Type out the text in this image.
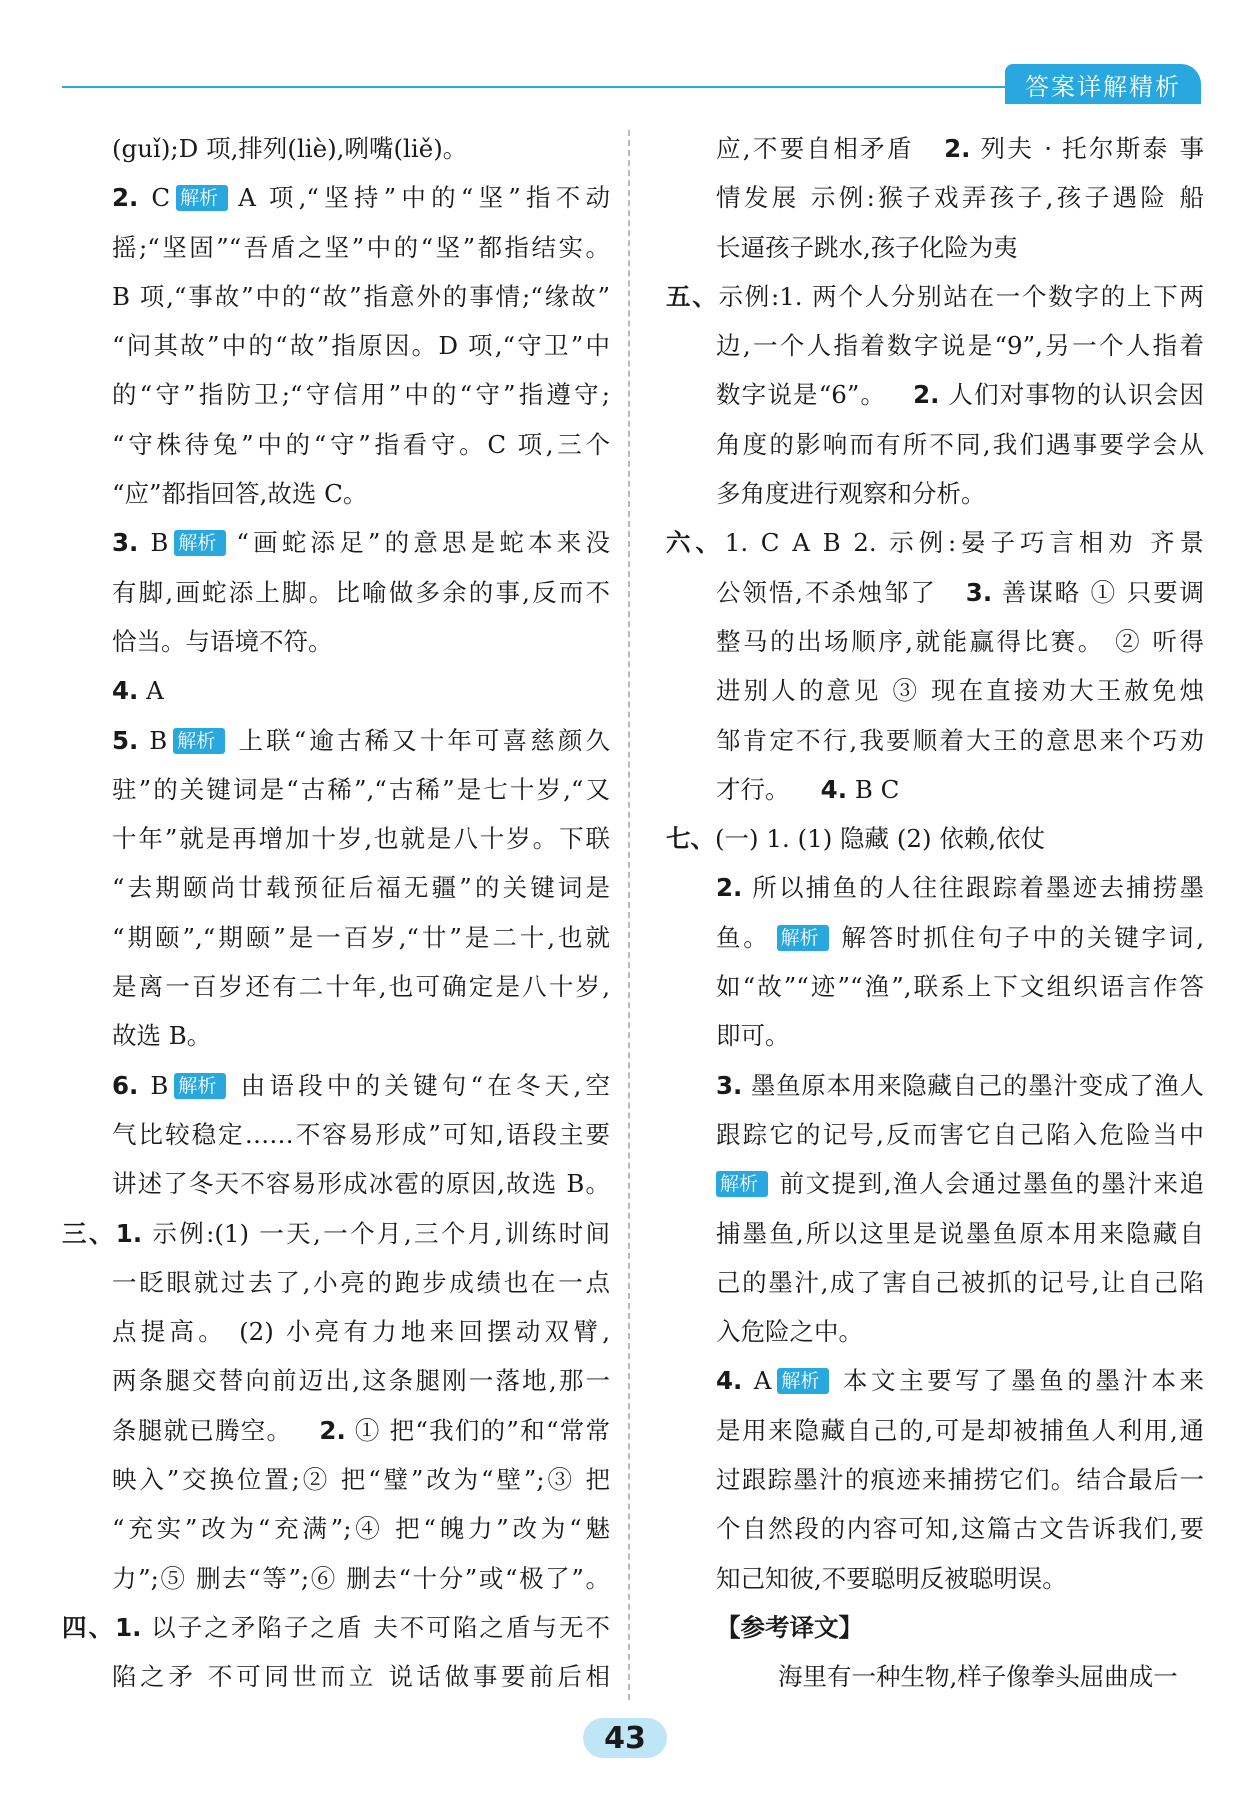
答案详解精析
(guǐ);D 项,排列(liè),咧嘴(liě)。
2. C 解析 · A 项,“坚持”中的“坚”指不动
摇;“坚固”“吾盾之坚”中的“坚”都指结实。
B 项,“事故”中的“故”指意外的事情;“缘故”
“问其故”中的“故”指原因。D 项,“守卫”中
的“守”指防卫;“守信用”中的“守”指遵守;
“守株待兔”中的“守”指看守。C 项,三个
“应”都指回答,故选 C。
3. B 解析 · “画蛇添足”的意思是蛇本来没
有脚,画蛇添上脚。比喻做多余的事,反而不
恰当。与语境不符。
4. A
5. B 解析 · 上联“逾古稀又十年可喜慈颜久
驻”的关键词是“古稀”,“古稀”是七十岁,“又
十年”就是再增加十岁,也就是八十岁。下联
“去期颐尚廿载预征后福无疆”的关键词是
“期颐”,“期颐”是一百岁,“廿”是二十,也就
是离一百岁还有二十年,也可确定是八十岁,
故选 B。
6. B 解析 · 由语段中的关键句“在冬天,空
气比较稳定……不容易形成”可知,语段主要
讲述了冬天不容易形成冰雹的原因,故选 B。
三、1. 示例:(1) 一天,一个月,三个月,训练时间
一眨眼就过去了,小亮的跑步成绩也在一点
点提高。 (2) 小亮有力地来回摆动双臂,
两条腿交替向前迈出,这条腿刚一落地,那一
条腿就已腾空。 2. ① 把“我们的”和“常常
映入”交换位置;② 把“璧”改为“壁”;③ 把
“充实”改为“充满”;④ 把“魄力”改为“魅
力”;⑤ 删去“等”;⑥ 删去“十分”或“极了”。
四、1. 以子之矛陷子之盾 夫不可陷之盾与无不
陷之矛 不可同世而立 说话做事要前后相
应,不要自相矛盾 2. 列夫 · 托尔斯泰 事
情发展 示例:猴子戏弄孩子,孩子遇险 船
长逼孩子跳水,孩子化险为夷
五、示例:1. 两个人分别站在一个数字的上下两
边,一个人指着数字说是“9”,另一个人指着
数字说是“6”。 2. 人们对事物的认识会因
角度的影响而有所不同,我们遇事要学会从
多角度进行观察和分析。
六、1. C A B 2. 示例:晏子巧言相劝 齐景
公领悟,不杀烛邹了 3. 善谋略 ① 只要调
整马的出场顺序,就能赢得比赛。 ② 听得
进别人的意见 ③ 现在直接劝大王赦免烛
邹肯定不行,我要顺着大王的意思来个巧劝
才行。 4. B C
七、(一) 1. (1) 隐藏 (2) 依赖,依仗
2. 所以捕鱼的人往往跟踪着墨迹去捕捞墨
鱼。 解析 · 解答时抓住句子中的关键字词,
如“故”“迹”“渔”,联系上下文组织语言作答
即可。
3. 墨鱼原本用来隐藏自己的墨汁变成了渔人
跟踪它的记号,反而害它自己陷入危险当中
解析 · 前文提到,渔人会通过墨鱼的墨汁来追
捕墨鱼,所以这里是说墨鱼原本用来隐藏自
己的墨汁,成了害自己被抓的记号,让自己陷
入危险之中。
4. A 解析 · 本文主要写了墨鱼的墨汁本来
是用来隐藏自己的,可是却被捕鱼人利用,通
过跟踪墨汁的痕迹来捕捞它们。结合最后一
个自然段的内容可知,这篇古文告诉我们,要
知己知彼,不要聪明反被聪明误。
【参考译文】
海里有一种生物,样子像拳头屈曲成一
43
